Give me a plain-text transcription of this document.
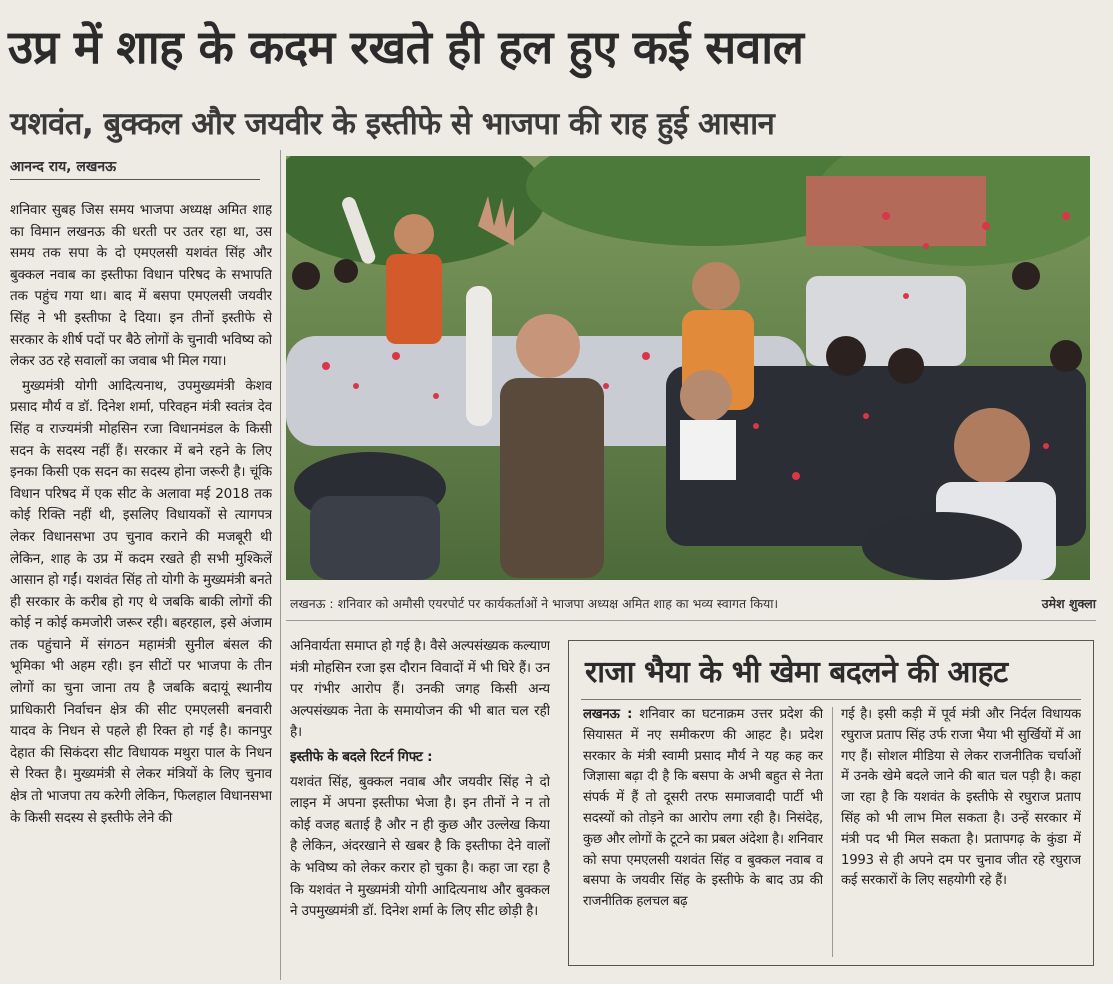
उप्र में शाह के कदम रखते ही हल हुए कई सवाल
यशवंत, बुक्कल और जयवीर के इस्तीफे से भाजपा की राह हुई आसान
आनन्द राय, लखनऊ

शनिवार सुबह जिस समय भाजपा अध्यक्ष अमित शाह का विमान लखनऊ की धरती पर उतर रहा था, उस समय तक सपा के दो एमएलसी यशवंत सिंह और बुक्कल नवाब का इस्तीफा विधान परिषद के सभापति तक पहुंच गया था। बाद में बसपा एमएलसी जयवीर सिंह ने भी इस्तीफा दे दिया। इन तीनों इस्तीफे से सरकार के शीर्ष पदों पर बैठे लोगों के चुनावी भविष्य को लेकर उठ रहे सवालों का जवाब भी मिल गया।

मुख्यमंत्री योगी आदित्यनाथ, उपमुख्यमंत्री केशव प्रसाद मौर्य व डॉ. दिनेश शर्मा, परिवहन मंत्री स्वतंत्र देव सिंह व राज्यमंत्री मोहसिन रजा विधानमंडल के किसी सदन के सदस्य नहीं हैं। सरकार में बने रहने के लिए इनका किसी एक सदन का सदस्य होना जरूरी है। चूंकि विधान परिषद में एक सीट के अलावा मई 2018 तक कोई रिक्ति नहीं थी, इसलिए विधायकों से त्यागपत्र लेकर विधानसभा उप चुनाव कराने की मजबूरी थी लेकिन, शाह के उप्र में कदम रखते ही सभी मुश्किलें आसान हो गईं। यशवंत सिंह तो योगी के मुख्यमंत्री बनते ही सरकार के करीब हो गए थे जबकि बाकी लोगों की कोई न कोई कमजोरी जरूर रही। बहरहाल, इसे अंजाम तक पहुंचाने में संगठन महामंत्री सुनील बंसल की भूमिका भी अहम रही। इन सीटों पर भाजपा के तीन लोगों का चुना जाना तय है जबकि बदायूं स्थानीय प्राधिकारी निर्वाचन क्षेत्र की सीट एमएलसी बनवारी यादव के निधन से पहले ही रिक्त हो गई है। कानपुर देहात की सिकंदरा सीट विधायक मथुरा पाल के निधन से रिक्त है। मुख्यमंत्री से लेकर मंत्रियों के लिए चुनाव क्षेत्र तो भाजपा तय करेगी लेकिन, फिलहाल विधानसभा के किसी सदस्य से इस्तीफे लेने की

लखनऊ : शनिवार को अमौसी एयरपोर्ट पर कार्यकर्ताओं ने भाजपा अध्यक्ष अमित शाह का भव्य स्वागत किया।	उमेश शुक्ला

अनिवार्यता समाप्त हो गई है। वैसे अल्पसंख्यक कल्याण मंत्री मोहसिन रजा इस दौरान विवादों में भी घिरे हैं। उन पर गंभीर आरोप हैं। उनकी जगह किसी अन्य अल्पसंख्यक नेता के समायोजन की भी बात चल रही है।

इस्तीफे के बदले रिटर्न गिफ्ट :

यशवंत सिंह, बुक्कल नवाब और जयवीर सिंह ने दो लाइन में अपना इस्तीफा भेजा है। इन तीनों ने न तो कोई वजह बताई है और न ही कुछ और उल्लेख किया है लेकिन, अंदरखाने से खबर है कि इस्तीफा देने वालों के भविष्य को लेकर करार हो चुका है। कहा जा रहा है कि यशवंत ने मुख्यमंत्री योगी आदित्यनाथ और बुक्कल ने उपमुख्यमंत्री डॉ. दिनेश शर्मा के लिए सीट छोड़ी है।

राजा भैया के भी खेमा बदलने की आहट
लखनऊ : शनिवार का घटनाक्रम उत्तर प्रदेश की सियासत में नए समीकरण की आहट है। प्रदेश सरकार के मंत्री स्वामी प्रसाद मौर्य ने यह कह कर जिज्ञासा बढ़ा दी है कि बसपा के अभी बहुत से नेता संपर्क में हैं तो दूसरी तरफ समाजवादी पार्टी भी सदस्यों को तोड़ने का आरोप लगा रही है। निसंदेह, कुछ और लोगों के टूटने का प्रबल अंदेशा है। शनिवार को सपा एमएलसी यशवंत सिंह व बुक्कल नवाब व बसपा के जयवीर सिंह के इस्तीफे के बाद उप्र की राजनीतिक हलचल बढ़
गई है। इसी कड़ी में पूर्व मंत्री और निर्दल विधायक रघुराज प्रताप सिंह उर्फ राजा भैया भी सुर्खियों में आ गए हैं। सोशल मीडिया से लेकर राजनीतिक चर्चाओं में उनके खेमे बदले जाने की बात चल पड़ी है। कहा जा रहा है कि यशवंत के इस्तीफे से रघुराज प्रताप सिंह को भी लाभ मिल सकता है। उन्हें सरकार में मंत्री पद भी मिल सकता है। प्रतापगढ़ के कुंडा में 1993 से ही अपने दम पर चुनाव जीत रहे रघुराज कई सरकारों के लिए सहयोगी रहे हैं।
